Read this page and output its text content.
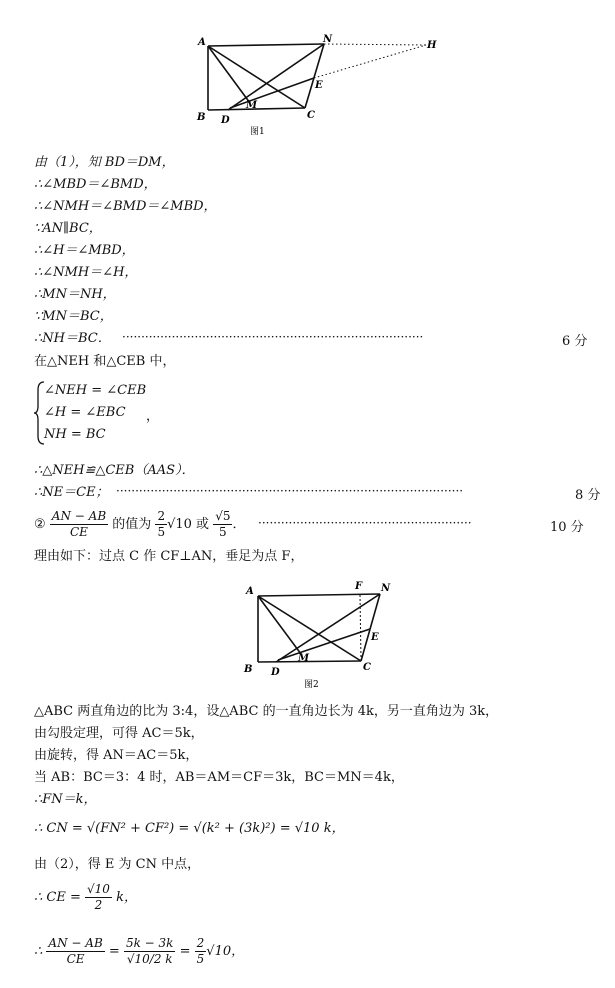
A	N
H
E
M
B D	C
图1
由（1），知 BD＝DM，
∴∠MBD＝∠BMD，
∴∠NMH＝∠BMD＝∠MBD，
∵AN∥BC，
∴∠H＝∠MBD，
∴∠NMH＝∠H，
∴MN＝NH，
∵MN＝BC，
∴NH＝BC． ···············································································	6 分
在△NEH 和△CEB 中，
∠NEH = ∠CEB
∠H = ∠EBC ，
NH = BC
∴△NEH≌△CEB（AAS）．
∴NE＝CE； ···························································································	8 分
② $\frac{AN - AB}{CE}$ 的值为 $\frac{2}{5} √10$ 或 $\frac{√5}{5}$ ． ························································	10 分
理由如下：过点 C 作 CF⊥AN，垂足为点 F，
A	F N
E
M
B D	C
图2
△ABC 两直角边的比为 3:4，设△ABC 的一直角边长为 4k，另一直角边为 3k，
由勾股定理，可得 AC＝5k，
由旋转，得 AN＝AC＝5k，
当 AB：BC＝3：4 时，AB＝AM＝CF＝3k，BC＝MN＝4k，
∴FN＝k，
∴ CN = √(FN² + CF²) = √(k² + (3k)²) = √10 k，
由（2），得 E 为 CN 中点，
∴ CE = $\frac{√10}{2}$ k，
∴ $\frac{AN - AB}{CE} = \frac{5k - 3k}{√10/2 k} = \frac{2}{5} √10$，
